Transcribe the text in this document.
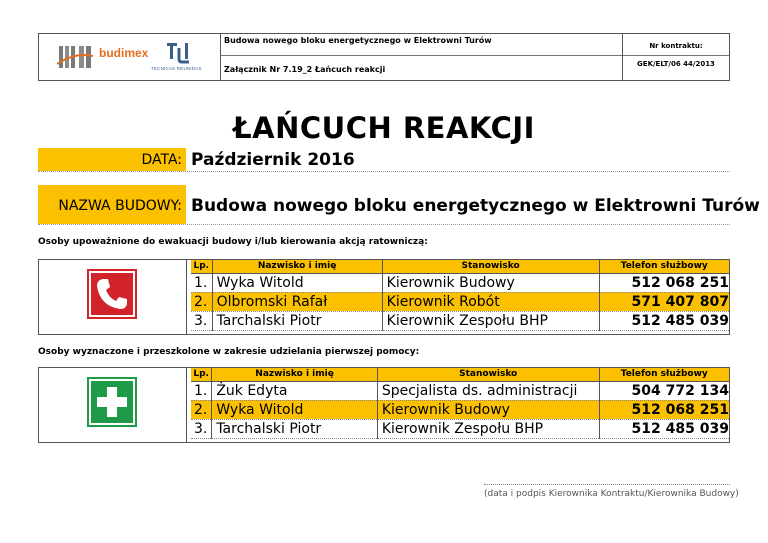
budimex
TECNICAS REUNIDAS
Budowa nowego bloku energetycznego w Elektrowni Turów
Załącznik Nr 7.19_2 Łańcuch reakcji
Nr kontraktu:
GEK/ELT/06 44/2013
ŁAŃCUCH REAKCJI
DATA: Październik 2016
NAZWA BUDOWY: Budowa nowego bloku energetycznego w Elektrowni Turów
Osoby upoważnione do ewakuacji budowy i/lub kierowania akcją ratowniczą:
Lp.	Nazwisko i imię	Stanowisko	Telefon służbowy
1.	Wyka Witold	Kierownik Budowy	512 068 251
2.	Olbromski Rafał	Kierownik Robót	571 407 807
3.	Tarchalski Piotr	Kierownik Zespołu BHP	512 485 039
Osoby wyznaczone i przeszkolone w zakresie udzielania pierwszej pomocy:
Lp.	Nazwisko i imię	Stanowisko	Telefon służbowy
1.	Żuk Edyta	Specjalista ds. administracji	504 772 134
2.	Wyka Witold	Kierownik Budowy	512 068 251
3.	Tarchalski Piotr	Kierownik Zespołu BHP	512 485 039
(data i podpis Kierownika Kontraktu/Kierownika Budowy)
